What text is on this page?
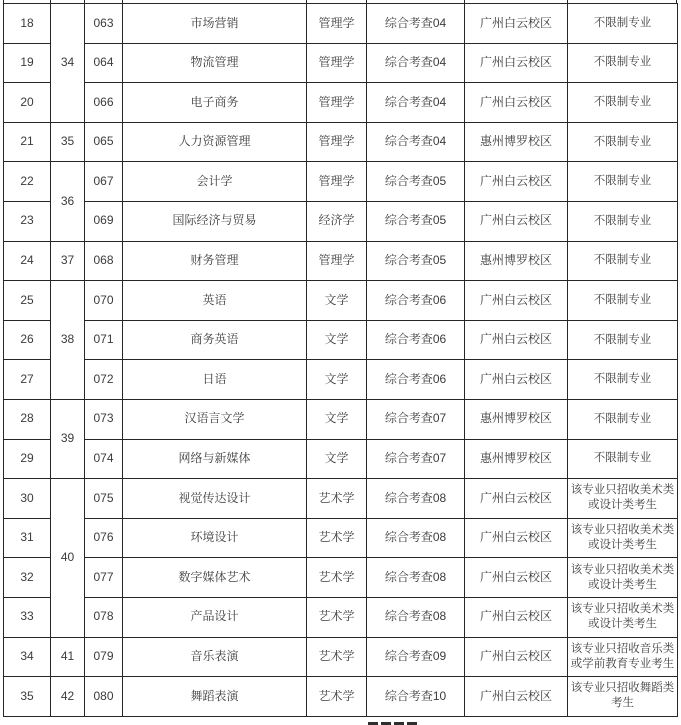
18	34	063	市场营销	管理学	综合考查04	广州白云校区	不限制专业
19		064	物流管理	管理学	综合考查04	广州白云校区	不限制专业
20		066	电子商务	管理学	综合考查04	广州白云校区	不限制专业
21	35	065	人力资源管理	管理学	综合考查04	惠州博罗校区	不限制专业
22	36	067	会计学	管理学	综合考查05	广州白云校区	不限制专业
23		069	国际经济与贸易	经济学	综合考查05	广州白云校区	不限制专业
24	37	068	财务管理	管理学	综合考查05	惠州博罗校区	不限制专业
25	38	070	英语	文学	综合考查06	广州白云校区	不限制专业
26		071	商务英语	文学	综合考查06	广州白云校区	不限制专业
27		072	日语	文学	综合考查06	广州白云校区	不限制专业
28	39	073	汉语言文学	文学	综合考查07	惠州博罗校区	不限制专业
29		074	网络与新媒体	文学	综合考查07	惠州博罗校区	不限制专业
30	40	075	视觉传达设计	艺术学	综合考查08	广州白云校区	该专业只招收美术类或设计类考生
31		076	环境设计	艺术学	综合考查08	广州白云校区	该专业只招收美术类或设计类考生
32		077	数字媒体艺术	艺术学	综合考查08	广州白云校区	该专业只招收美术类或设计类考生
33		078	产品设计	艺术学	综合考查08	广州白云校区	该专业只招收美术类或设计类考生
34	41	079	音乐表演	艺术学	综合考查09	广州白云校区	该专业只招收音乐类或学前教育专业考生
35	42	080	舞蹈表演	艺术学	综合考查10	广州白云校区	该专业只招收舞蹈类考生
